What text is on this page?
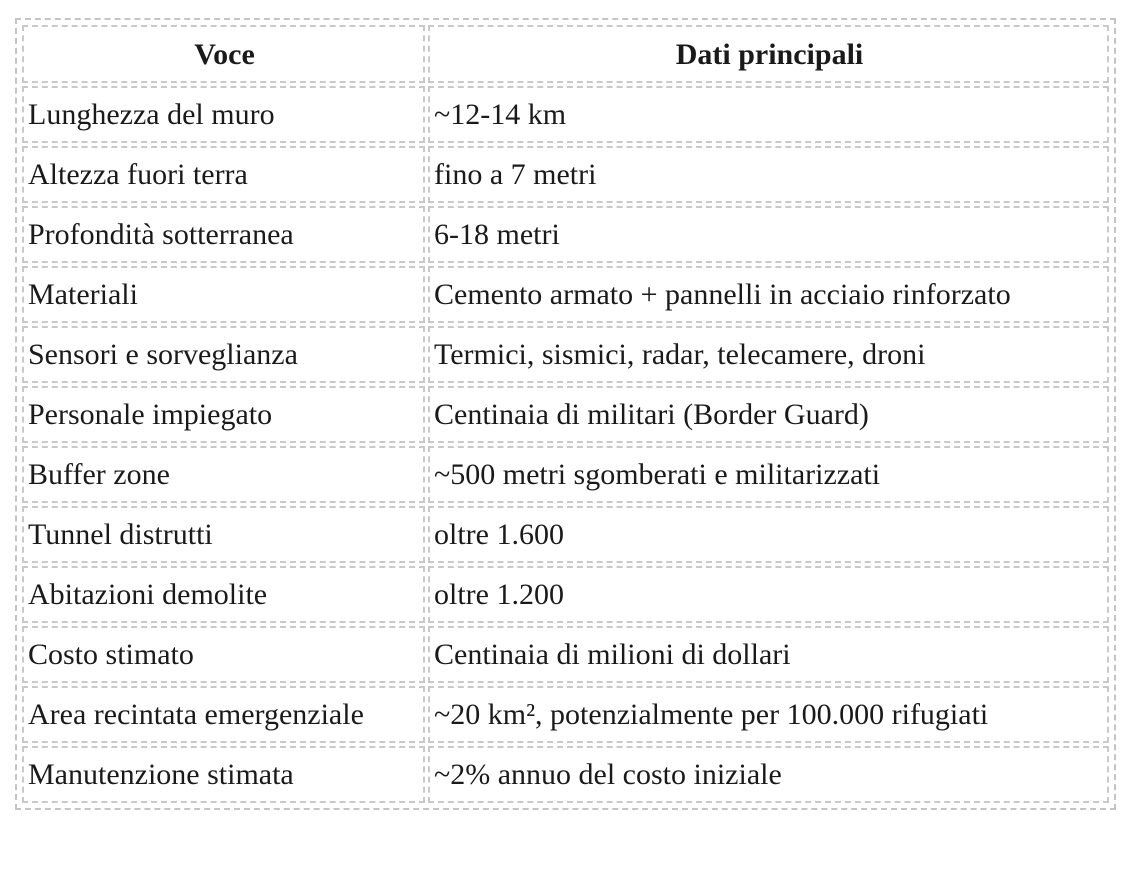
Voce	Dati principali
Lunghezza del muro	~12-14 km
Altezza fuori terra	fino a 7 metri
Profondità sotterranea	6-18 metri
Materiali	Cemento armato + pannelli in acciaio rinforzato
Sensori e sorveglianza	Termici, sismici, radar, telecamere, droni
Personale impiegato	Centinaia di militari (Border Guard)
Buffer zone	~500 metri sgomberati e militarizzati
Tunnel distrutti	oltre 1.600
Abitazioni demolite	oltre 1.200
Costo stimato	Centinaia di milioni di dollari
Area recintata emergenziale	~20 km², potenzialmente per 100.000 rifugiati
Manutenzione stimata	~2% annuo del costo iniziale
